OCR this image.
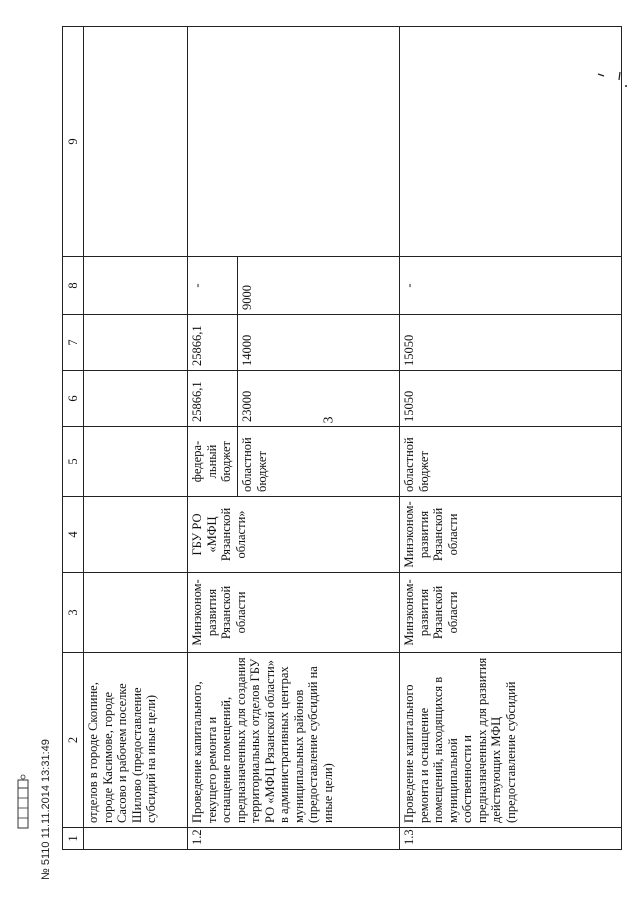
3
1	2	3	4	5	6	7	8	9
	отделов в городе Скопине, городе Касимове, городе Сасово и рабочем поселке Шилово (предоставление субсидий на иные цели)							
1.2	Проведение капитального, текущего ремонта и оснащение помещений, предназначенных для создания территориальных отделов ГБУ РО «МФЦ Рязанской области» в административных центрах муниципальных районов (предоставление субсидий на иные цели)	Минэконом-развития Рязанской области	ГБУ РО «МФЦ Рязанской области»	федера-льный бюджет	25866,1	25866,1	-	
				областной бюджет	23000	14000	9000	
1.3	Проведение капитального ремонта и оснащение помещений, находящихся в муниципальной собственности и предназначенных для развития действующих МФЦ (предоставление субсидий	Минэконом-развития Рязанской области	Минэконом-развития Рязанской области	областной бюджет	15050	15050	-	
№ 5110 11.11.2014 13:31:49
